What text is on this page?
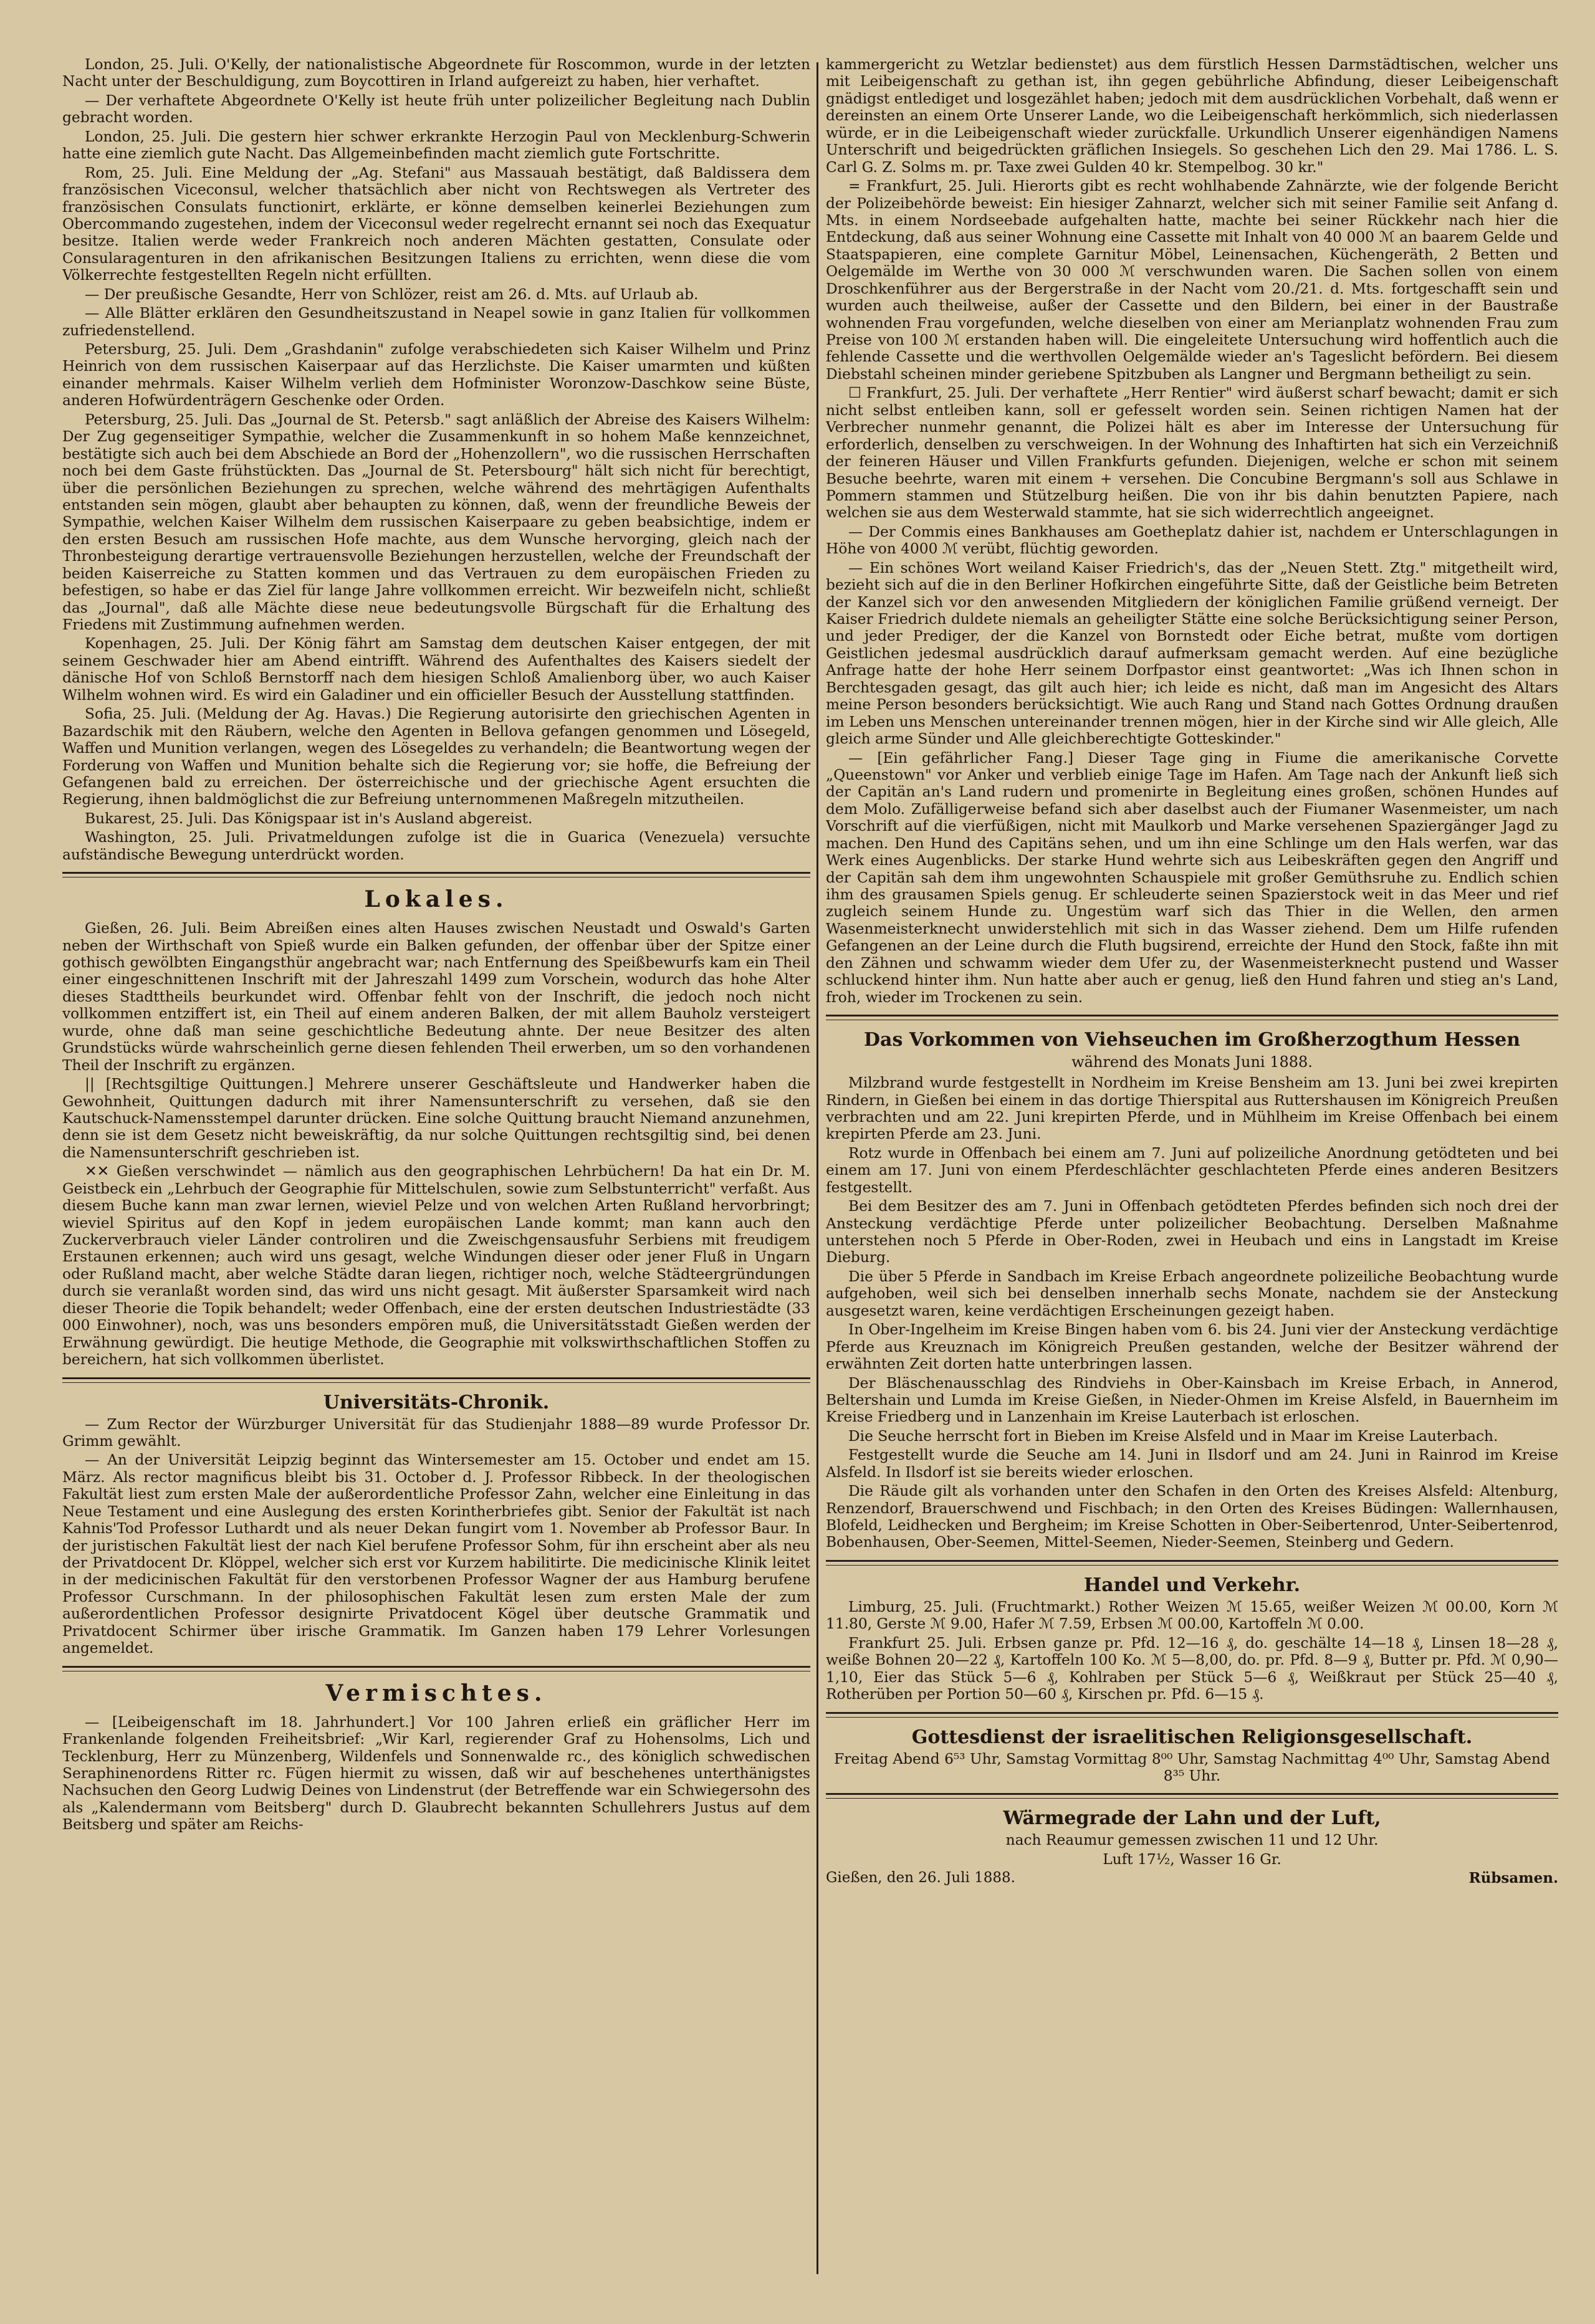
London, 25. Juli. O'Kelly, der nationalistische Abgeordnete für Roscommon, wurde in der letzten Nacht unter der Beschuldigung, zum Boycottiren in Irland aufgereizt zu haben, hier verhaftet.

— Der verhaftete Abgeordnete O'Kelly ist heute früh unter polizeilicher Begleitung nach Dublin gebracht worden.

London, 25. Juli. Die gestern hier schwer erkrankte Herzogin Paul von Mecklenburg-Schwerin hatte eine ziemlich gute Nacht. Das Allgemeinbefinden macht ziemlich gute Fortschritte.

Rom, 25. Juli. Eine Meldung der „Ag. Stefani" aus Massauah bestätigt, daß Baldissera dem französischen Viceconsul, welcher thatsächlich aber nicht von Rechtswegen als Vertreter des französischen Consulats functionirt, erklärte, er könne demselben keinerlei Beziehungen zum Obercommando zugestehen, indem der Viceconsul weder regelrecht ernannt sei noch das Exequatur besitze. Italien werde weder Frankreich noch anderen Mächten gestatten, Consulate oder Consularagenturen in den afrikanischen Besitzungen Italiens zu errichten, wenn diese die vom Völkerrechte festgestellten Regeln nicht erfüllten.

— Der preußische Gesandte, Herr von Schlözer, reist am 26. d. Mts. auf Urlaub ab.

— Alle Blätter erklären den Gesundheitszustand in Neapel sowie in ganz Italien für vollkommen zufriedenstellend.

Petersburg, 25. Juli. Dem „Grashdanin" zufolge verabschiedeten sich Kaiser Wilhelm und Prinz Heinrich von dem russischen Kaiserpaar auf das Herzlichste. Die Kaiser umarmten und küßten einander mehrmals. Kaiser Wilhelm verlieh dem Hofminister Woronzow-Daschkow seine Büste, anderen Hofwürdenträgern Geschenke oder Orden.

Petersburg, 25. Juli. Das „Journal de St. Petersb." sagt anläßlich der Abreise des Kaisers Wilhelm: Der Zug gegenseitiger Sympathie, welcher die Zusammenkunft in so hohem Maße kennzeichnet, bestätigte sich auch bei dem Abschiede an Bord der „Hohenzollern", wo die russischen Herrschaften noch bei dem Gaste frühstückten. Das „Journal de St. Petersbourg" hält sich nicht für berechtigt, über die persönlichen Beziehungen zu sprechen, welche während des mehrtägigen Aufenthalts entstanden sein mögen, glaubt aber behaupten zu können, daß, wenn der freundliche Beweis der Sympathie, welchen Kaiser Wilhelm dem russischen Kaiserpaare zu geben beabsichtige, indem er den ersten Besuch am russischen Hofe machte, aus dem Wunsche hervorging, gleich nach der Thronbesteigung derartige vertrauensvolle Beziehungen herzustellen, welche der Freundschaft der beiden Kaiserreiche zu Statten kommen und das Vertrauen zu dem europäischen Frieden zu befestigen, so habe er das Ziel für lange Jahre vollkommen erreicht. Wir bezweifeln nicht, schließt das „Journal", daß alle Mächte diese neue bedeutungsvolle Bürgschaft für die Erhaltung des Friedens mit Zustimmung aufnehmen werden.

Kopenhagen, 25. Juli. Der König fährt am Samstag dem deutschen Kaiser entgegen, der mit seinem Geschwader hier am Abend eintrifft. Während des Aufenthaltes des Kaisers siedelt der dänische Hof von Schloß Bernstorff nach dem hiesigen Schloß Amalienborg über, wo auch Kaiser Wilhelm wohnen wird. Es wird ein Galadiner und ein officieller Besuch der Ausstellung stattfinden.

Sofia, 25. Juli. (Meldung der Ag. Havas.) Die Regierung autorisirte den griechischen Agenten in Bazardschik mit den Räubern, welche den Agenten in Bellova gefangen genommen und Lösegeld, Waffen und Munition verlangen, wegen des Lösegeldes zu verhandeln; die Beantwortung wegen der Forderung von Waffen und Munition behalte sich die Regierung vor; sie hoffe, die Befreiung der Gefangenen bald zu erreichen. Der österreichische und der griechische Agent ersuchten die Regierung, ihnen baldmöglichst die zur Befreiung unternommenen Maßregeln mitzutheilen.

Bukarest, 25. Juli. Das Königspaar ist in's Ausland abgereist.

Washington, 25. Juli. Privatmeldungen zufolge ist die in Guarica (Venezuela) versuchte aufständische Bewegung unterdrückt worden.

Lokales.

Gießen, 26. Juli. Beim Abreißen eines alten Hauses zwischen Neustadt und Oswald's Garten neben der Wirthschaft von Spieß wurde ein Balken gefunden, der offenbar über der Spitze einer gothisch gewölbten Eingangsthür angebracht war; nach Entfernung des Speißbewurfs kam ein Theil einer eingeschnittenen Inschrift mit der Jahreszahl 1499 zum Vorschein, wodurch das hohe Alter dieses Stadttheils beurkundet wird. Offenbar fehlt von der Inschrift, die jedoch noch nicht vollkommen entziffert ist, ein Theil auf einem anderen Balken, der mit allem Bauholz versteigert wurde, ohne daß man seine geschichtliche Bedeutung ahnte. Der neue Besitzer des alten Grundstücks würde wahrscheinlich gerne diesen fehlenden Theil erwerben, um so den vorhandenen Theil der Inschrift zu ergänzen.

|| [Rechtsgiltige Quittungen.] Mehrere unserer Geschäftsleute und Handwerker haben die Gewohnheit, Quittungen dadurch mit ihrer Namensunterschrift zu versehen, daß sie den Kautschuck-Namensstempel darunter drücken. Eine solche Quittung braucht Niemand anzunehmen, denn sie ist dem Gesetz nicht beweiskräftig, da nur solche Quittungen rechtsgiltig sind, bei denen die Namensunterschrift geschrieben ist.

✕✕ Gießen verschwindet — nämlich aus den geographischen Lehrbüchern! Da hat ein Dr. M. Geistbeck ein „Lehrbuch der Geographie für Mittelschulen, sowie zum Selbstunterricht" verfaßt. Aus diesem Buche kann man zwar lernen, wieviel Pelze und von welchen Arten Rußland hervorbringt; wieviel Spiritus auf den Kopf in jedem europäischen Lande kommt; man kann auch den Zuckerverbrauch vieler Länder controliren und die Zweischgensausfuhr Serbiens mit freudigem Erstaunen erkennen; auch wird uns gesagt, welche Windungen dieser oder jener Fluß in Ungarn oder Rußland macht, aber welche Städte daran liegen, richtiger noch, welche Städteergründungen durch sie veranlaßt worden sind, das wird uns nicht gesagt. Mit äußerster Sparsamkeit wird nach dieser Theorie die Topik behandelt; weder Offenbach, eine der ersten deutschen Industriestädte (33 000 Einwohner), noch, was uns besonders empören muß, die Universitätsstadt Gießen werden der Erwähnung gewürdigt. Die heutige Methode, die Geographie mit volkswirthschaftlichen Stoffen zu bereichern, hat sich vollkommen überlistet.

Universitäts-Chronik.

— Zum Rector der Würzburger Universität für das Studienjahr 1888—89 wurde Professor Dr. Grimm gewählt.

— An der Universität Leipzig beginnt das Wintersemester am 15. October und endet am 15. März. Als rector magnificus bleibt bis 31. October d. J. Professor Ribbeck. In der theologischen Fakultät liest zum ersten Male der außerordentliche Professor Zahn, welcher eine Einleitung in das Neue Testament und eine Auslegung des ersten Korintherbriefes gibt. Senior der Fakultät ist nach Kahnis'Tod Professor Luthardt und als neuer Dekan fungirt vom 1. November ab Professor Baur. In der juristischen Fakultät liest der nach Kiel berufene Professor Sohm, für ihn erscheint aber als neu der Privatdocent Dr. Klöppel, welcher sich erst vor Kurzem habilitirte. Die medicinische Klinik leitet in der medicinischen Fakultät für den verstorbenen Professor Wagner der aus Hamburg berufene Professor Curschmann. In der philosophischen Fakultät lesen zum ersten Male der zum außerordentlichen Professor designirte Privatdocent Kögel über deutsche Grammatik und Privatdocent Schirmer über irische Grammatik. Im Ganzen haben 179 Lehrer Vorlesungen angemeldet.

Vermischtes.

— [Leibeigenschaft im 18. Jahrhundert.] Vor 100 Jahren erließ ein gräflicher Herr im Frankenlande folgenden Freiheitsbrief: „Wir Karl, regierender Graf zu Hohensolms, Lich und Tecklenburg, Herr zu Münzenberg, Wildenfels und Sonnenwalde rc., des königlich schwedischen Seraphinenordens Ritter rc. Fügen hiermit zu wissen, daß wir auf beschehenes unterthänigstes Nachsuchen den Georg Ludwig Deines von Lindenstrut (der Betreffende war ein Schwiegersohn des als „Kalendermann vom Beitsberg" durch D. Glaubrecht bekannten Schullehrers Justus auf dem Beitsberg und später am Reichs-

kammergericht zu Wetzlar bedienstet) aus dem fürstlich Hessen Darmstädtischen, welcher uns mit Leibeigenschaft zu gethan ist, ihn gegen gebührliche Abfindung, dieser Leibeigenschaft gnädigst entlediget und losgezählet haben; jedoch mit dem ausdrücklichen Vorbehalt, daß wenn er dereinsten an einem Orte Unserer Lande, wo die Leibeigenschaft herkömmlich, sich niederlassen würde, er in die Leibeigenschaft wieder zurückfalle. Urkundlich Unserer eigenhändigen Namens Unterschrift und beigedrückten gräflichen Insiegels. So geschehen Lich den 29. Mai 1786. L. S. Carl G. Z. Solms m. pr. Taxe zwei Gulden 40 kr. Stempelbog. 30 kr."

= Frankfurt, 25. Juli. Hierorts gibt es recht wohlhabende Zahnärzte, wie der folgende Bericht der Polizeibehörde beweist: Ein hiesiger Zahnarzt, welcher sich mit seiner Familie seit Anfang d. Mts. in einem Nordseebade aufgehalten hatte, machte bei seiner Rückkehr nach hier die Entdeckung, daß aus seiner Wohnung eine Cassette mit Inhalt von 40 000 ℳ an baarem Gelde und Staatspapieren, eine complete Garnitur Möbel, Leinensachen, Küchengeräth, 2 Betten und Oelgemälde im Werthe von 30 000 ℳ verschwunden waren. Die Sachen sollen von einem Droschkenführer aus der Bergerstraße in der Nacht vom 20./21. d. Mts. fortgeschafft sein und wurden auch theilweise, außer der Cassette und den Bildern, bei einer in der Baustraße wohnenden Frau vorgefunden, welche dieselben von einer am Merianplatz wohnenden Frau zum Preise von 100 ℳ erstanden haben will. Die eingeleitete Untersuchung wird hoffentlich auch die fehlende Cassette und die werthvollen Oelgemälde wieder an's Tageslicht befördern. Bei diesem Diebstahl scheinen minder geriebene Spitzbuben als Langner und Bergmann betheiligt zu sein.

☐ Frankfurt, 25. Juli. Der verhaftete „Herr Rentier" wird äußerst scharf bewacht; damit er sich nicht selbst entleiben kann, soll er gefesselt worden sein. Seinen richtigen Namen hat der Verbrecher nunmehr genannt, die Polizei hält es aber im Interesse der Untersuchung für erforderlich, denselben zu verschweigen. In der Wohnung des Inhaftirten hat sich ein Verzeichniß der feineren Häuser und Villen Frankfurts gefunden. Diejenigen, welche er schon mit seinem Besuche beehrte, waren mit einem + versehen. Die Concubine Bergmann's soll aus Schlawe in Pommern stammen und Stützelburg heißen. Die von ihr bis dahin benutzten Papiere, nach welchen sie aus dem Westerwald stammte, hat sie sich widerrechtlich angeeignet.

— Der Commis eines Bankhauses am Goetheplatz dahier ist, nachdem er Unterschlagungen in Höhe von 4000 ℳ verübt, flüchtig geworden.

— Ein schönes Wort weiland Kaiser Friedrich's, das der „Neuen Stett. Ztg." mitgetheilt wird, bezieht sich auf die in den Berliner Hofkirchen eingeführte Sitte, daß der Geistliche beim Betreten der Kanzel sich vor den anwesenden Mitgliedern der königlichen Familie grüßend verneigt. Der Kaiser Friedrich duldete niemals an geheiligter Stätte eine solche Berücksichtigung seiner Person, und jeder Prediger, der die Kanzel von Bornstedt oder Eiche betrat, mußte vom dortigen Geistlichen jedesmal ausdrücklich darauf aufmerksam gemacht werden. Auf eine bezügliche Anfrage hatte der hohe Herr seinem Dorfpastor einst geantwortet: „Was ich Ihnen schon in Berchtesgaden gesagt, das gilt auch hier; ich leide es nicht, daß man im Angesicht des Altars meine Person besonders berücksichtigt. Wie auch Rang und Stand nach Gottes Ordnung draußen im Leben uns Menschen untereinander trennen mögen, hier in der Kirche sind wir Alle gleich, Alle gleich arme Sünder und Alle gleichberechtigte Gotteskinder."

— [Ein gefährlicher Fang.] Dieser Tage ging in Fiume die amerikanische Corvette „Queenstown" vor Anker und verblieb einige Tage im Hafen. Am Tage nach der Ankunft ließ sich der Capitän an's Land rudern und promenirte in Begleitung eines großen, schönen Hundes auf dem Molo. Zufälligerweise befand sich aber daselbst auch der Fiumaner Wasenmeister, um nach Vorschrift auf die vierfüßigen, nicht mit Maulkorb und Marke versehenen Spaziergänger Jagd zu machen. Den Hund des Capitäns sehen, und um ihn eine Schlinge um den Hals werfen, war das Werk eines Augenblicks. Der starke Hund wehrte sich aus Leibeskräften gegen den Angriff und der Capitän sah dem ihm ungewohnten Schauspiele mit großer Gemüthsruhe zu. Endlich schien ihm des grausamen Spiels genug. Er schleuderte seinen Spazierstock weit in das Meer und rief zugleich seinem Hunde zu. Ungestüm warf sich das Thier in die Wellen, den armen Wasenmeisterknecht unwiderstehlich mit sich in das Wasser ziehend. Dem um Hilfe rufenden Gefangenen an der Leine durch die Fluth bugsirend, erreichte der Hund den Stock, faßte ihn mit den Zähnen und schwamm wieder dem Ufer zu, der Wasenmeisterknecht pustend und Wasser schluckend hinter ihm. Nun hatte aber auch er genug, ließ den Hund fahren und stieg an's Land, froh, wieder im Trockenen zu sein.

Das Vorkommen von Viehseuchen im Großherzogthum Hessen
während des Monats Juni 1888.

Milzbrand wurde festgestellt in Nordheim im Kreise Bensheim am 13. Juni bei zwei krepirten Rindern, in Gießen bei einem in das dortige Thierspital aus Ruttershausen im Königreich Preußen verbrachten und am 22. Juni krepirten Pferde, und in Mühlheim im Kreise Offenbach bei einem krepirten Pferde am 23. Juni.

Rotz wurde in Offenbach bei einem am 7. Juni auf polizeiliche Anordnung getödteten und bei einem am 17. Juni von einem Pferdeschlächter geschlachteten Pferde eines anderen Besitzers festgestellt.

Bei dem Besitzer des am 7. Juni in Offenbach getödteten Pferdes befinden sich noch drei der Ansteckung verdächtige Pferde unter polizeilicher Beobachtung. Derselben Maßnahme unterstehen noch 5 Pferde in Ober-Roden, zwei in Heubach und eins in Langstadt im Kreise Dieburg.

Die über 5 Pferde in Sandbach im Kreise Erbach angeordnete polizeiliche Beobachtung wurde aufgehoben, weil sich bei denselben innerhalb sechs Monate, nachdem sie der Ansteckung ausgesetzt waren, keine verdächtigen Erscheinungen gezeigt haben.

In Ober-Ingelheim im Kreise Bingen haben vom 6. bis 24. Juni vier der Ansteckung verdächtige Pferde aus Kreuznach im Königreich Preußen gestanden, welche der Besitzer während der erwähnten Zeit dorten hatte unterbringen lassen.

Der Bläschenausschlag des Rindviehs in Ober-Kainsbach im Kreise Erbach, in Annerod, Beltershain und Lumda im Kreise Gießen, in Nieder-Ohmen im Kreise Alsfeld, in Bauernheim im Kreise Friedberg und in Lanzenhain im Kreise Lauterbach ist erloschen.

Die Seuche herrscht fort in Bieben im Kreise Alsfeld und in Maar im Kreise Lauterbach.

Festgestellt wurde die Seuche am 14. Juni in Ilsdorf und am 24. Juni in Rainrod im Kreise Alsfeld. In Ilsdorf ist sie bereits wieder erloschen.

Die Räude gilt als vorhanden unter den Schafen in den Orten des Kreises Alsfeld: Altenburg, Renzendorf, Brauerschwend und Fischbach; in den Orten des Kreises Büdingen: Wallernhausen, Blofeld, Leidhecken und Bergheim; im Kreise Schotten in Ober-Seibertenrod, Unter-Seibertenrod, Bobenhausen, Ober-Seemen, Mittel-Seemen, Nieder-Seemen, Steinberg und Gedern.

Handel und Verkehr.

Limburg, 25. Juli. (Fruchtmarkt.) Rother Weizen ℳ 15.65, weißer Weizen ℳ 00.00, Korn ℳ 11.80, Gerste ℳ 9.00, Hafer ℳ 7.59, Erbsen ℳ 00.00, Kartoffeln ℳ 0.00.

Frankfurt 25. Juli. Erbsen ganze pr. Pfd. 12—16 ₰, do. geschälte 14—18 ₰, Linsen 18—28 ₰, weiße Bohnen 20—22 ₰, Kartoffeln 100 Ko. ℳ 5—8,00, do. pr. Pfd. 8—9 ₰, Butter pr. Pfd. ℳ 0,90—1,10, Eier das Stück 5—6 ₰, Kohlraben per Stück 5—6 ₰, Weißkraut per Stück 25—40 ₰, Rotherüben per Portion 50—60 ₰, Kirschen pr. Pfd. 6—15 ₰.

Gottesdienst der israelitischen Religionsgesellschaft.

Freitag Abend 6⁵³ Uhr, Samstag Vormittag 8⁰⁰ Uhr, Samstag Nachmittag 4⁰⁰ Uhr, Samstag Abend 8³⁵ Uhr.

Wärmegrade der Lahn und der Luft,

nach Reaumur gemessen zwischen 11 und 12 Uhr.

Luft 17½, Wasser 16 Gr.

Gießen, den 26. Juli 1888.	Rübsamen.
